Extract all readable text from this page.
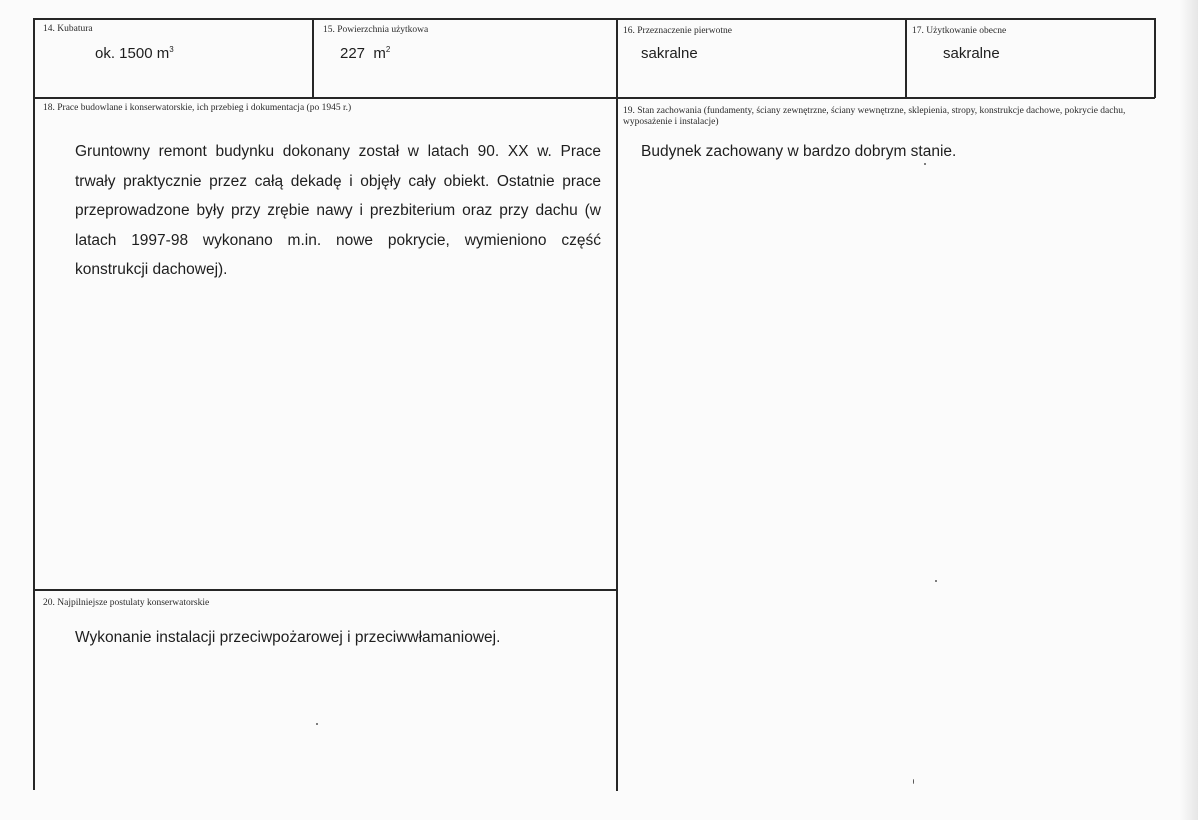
14. Kubatura
ok. 1500 $m^3$
15. Powierzchnia użytkowa
227  $m^2$
16. Przeznaczenie pierwotne
sakralne
17. Użytkowanie obecne
sakralne
18. Prace budowlane i konserwatorskie, ich przebieg i dokumentacja (po 1945 r.)
Gruntowny remont budynku dokonany został w latach 90. XX w. Prace trwały praktycznie przez całą dekadę i objęły cały obiekt. Ostatnie prace przeprowadzone były przy zrębie nawy i prezbiterium oraz przy dachu (w latach 1997-98 wykonano m.in. nowe pokrycie, wymieniono część konstrukcji dachowej).
19. Stan zachowania (fundamenty, ściany zewnętrzne, ściany wewnętrzne, sklepienia, stropy, konstrukcje dachowe, pokrycie dachu, wyposażenie i instalacje)
Budynek zachowany w bardzo dobrym stanie.
20. Najpilniejsze postulaty konserwatorskie
Wykonanie instalacji przeciwpożarowej i przeciwwłamaniowej.
